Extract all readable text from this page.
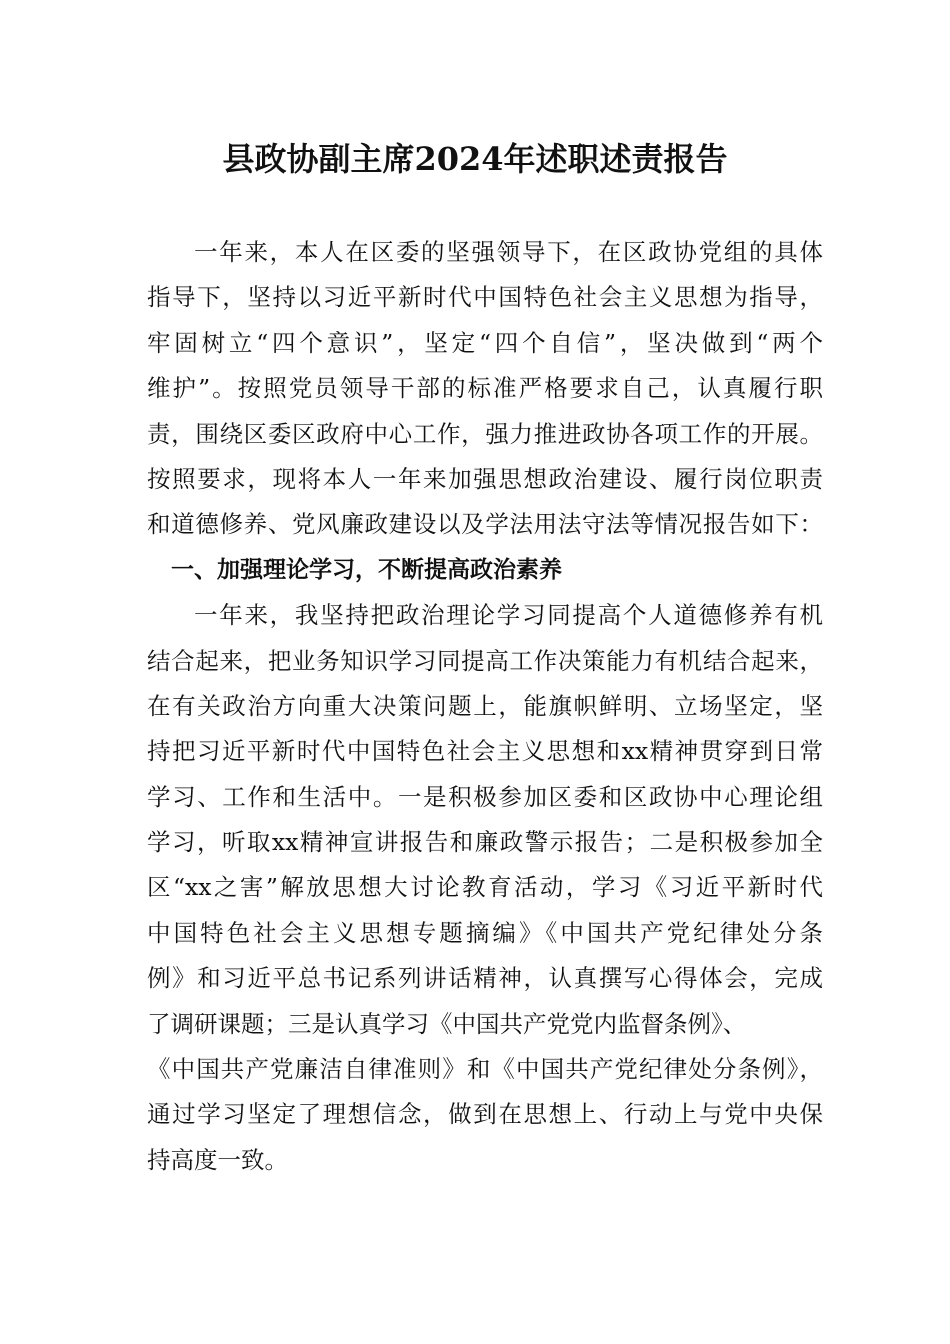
县政协副主席2024年述职述责报告
一年来，本人在区委的坚强领导下，在区政协党组的具体
指导下，坚持以习近平新时代中国特色社会主义思想为指导，
牢固树立“四个意识”，坚定“四个自信”，坚决做到“两个
维护”。按照党员领导干部的标准严格要求自己，认真履行职
责，围绕区委区政府中心工作，强力推进政协各项工作的开展。
按照要求，现将本人一年来加强思想政治建设、履行岗位职责
和道德修养、党风廉政建设以及学法用法守法等情况报告如下：
一、加强理论学习，不断提高政治素养
一年来，我坚持把政治理论学习同提高个人道德修养有机
结合起来，把业务知识学习同提高工作决策能力有机结合起来，
在有关政治方向重大决策问题上，能旗帜鲜明、立场坚定，坚
持把习近平新时代中国特色社会主义思想和xx精神贯穿到日常
学习、工作和生活中。一是积极参加区委和区政协中心理论组
学习，听取xx精神宣讲报告和廉政警示报告；二是积极参加全
区“xx之害”解放思想大讨论教育活动，学习《习近平新时代
中国特色社会主义思想专题摘编》《中国共产党纪律处分条
例》和习近平总书记系列讲话精神，认真撰写心得体会，完成
了调研课题；三是认真学习《中国共产党党内监督条例》、
《中国共产党廉洁自律准则》和《中国共产党纪律处分条例》，
通过学习坚定了理想信念，做到在思想上、行动上与党中央保
持高度一致。
